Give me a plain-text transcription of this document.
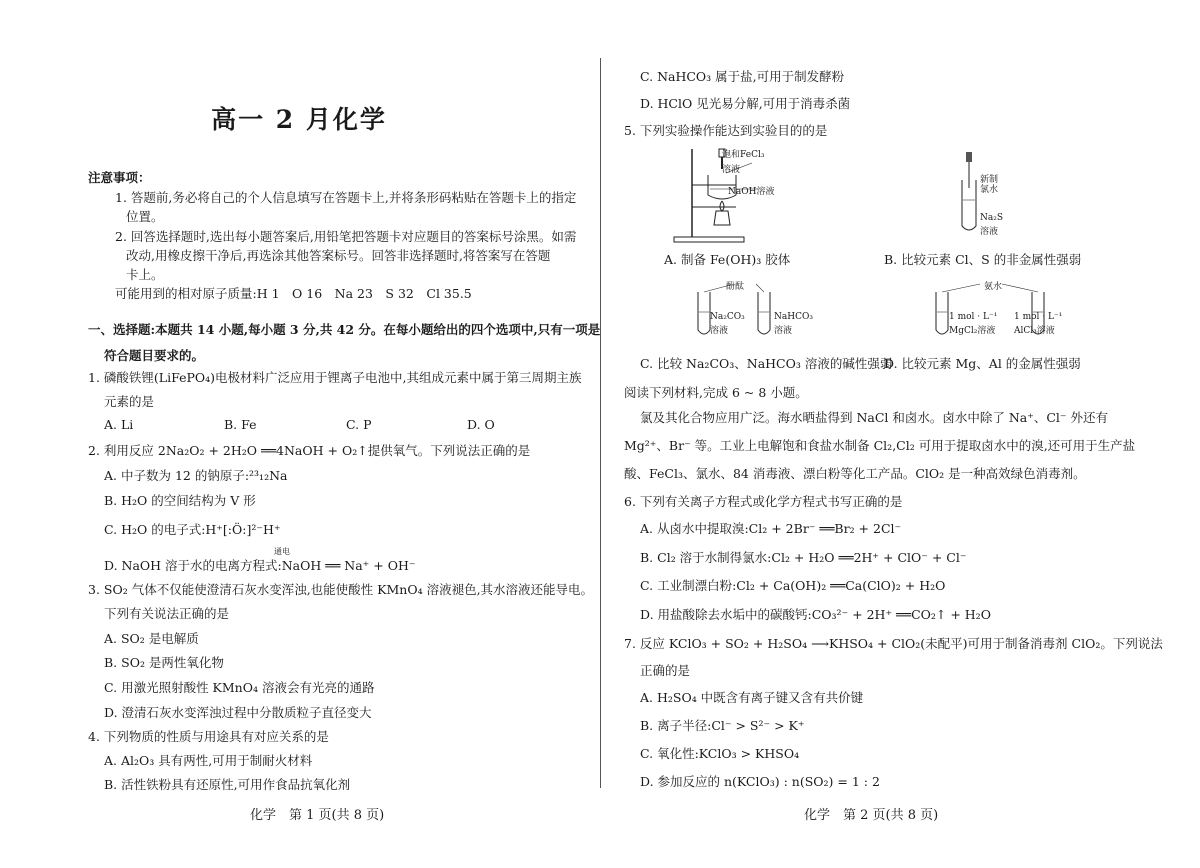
高一 2 月化学
注意事项：
1. 答题前,务必将自己的个人信息填写在答题卡上,并将条形码粘贴在答题卡上的指定
位置。
2. 回答选择题时,选出每小题答案后,用铅笔把答题卡对应题目的答案标号涂黑。如需
改动,用橡皮擦干净后,再选涂其他答案标号。回答非选择题时,将答案写在答题
卡上。
可能用到的相对原子质量:H 1　O 16　Na 23　S 32　Cl 35.5
一、选择题:本题共 14 小题,每小题 3 分,共 42 分。在每小题给出的四个选项中,只有一项是
符合题目要求的。
1. 磷酸铁锂(LiFePO₄)电极材料广泛应用于锂离子电池中,其组成元素中属于第三周期主族
元素的是
A. Li	B. Fe	C. P	D. O
2. 利用反应 2Na₂O₂ + 2H₂O ══4NaOH + O₂↑提供氧气。下列说法正确的是
A. 中子数为 12 的钠原子:²³₁₂Na
B. H₂O 的空间结构为 V 形
C. H₂O 的电子式:H⁺[:Ö:]²⁻H⁺
通电
D. NaOH 溶于水的电离方程式:NaOH ══ Na⁺ + OH⁻
3. SO₂ 气体不仅能使澄清石灰水变浑浊,也能使酸性 KMnO₄ 溶液褪色,其水溶液还能导电。
下列有关说法正确的是
A. SO₂ 是电解质
B. SO₂ 是两性氧化物
C. 用激光照射酸性 KMnO₄ 溶液会有光亮的通路
D. 澄清石灰水变浑浊过程中分散质粒子直径变大
4. 下列物质的性质与用途具有对应关系的是
A. Al₂O₃ 具有两性,可用于制耐火材料
B. 活性铁粉具有还原性,可用作食品抗氧化剂
化学　第 1 页(共 8 页)
C. NaHCO₃ 属于盐,可用于制发酵粉
D. HClO 见光易分解,可用于消毒杀菌
5. 下列实验操作能达到实验目的的是
饱和FeCl₃
溶液
NaOH溶液
新制
氯水
Na₂S
溶液
A. 制备 Fe(OH)₃ 胶体	B. 比较元素 Cl、S 的非金属性强弱
酚酞
Na₂CO₃
溶液
NaHCO₃
溶液
氨水
1 mol · L⁻¹
MgCl₂溶液
1 mol · L⁻¹
AlCl₃溶液
C. 比较 Na₂CO₃、NaHCO₃ 溶液的碱性强弱
D. 比较元素 Mg、Al 的金属性强弱
阅读下列材料,完成 6 ~ 8 小题。
氯及其化合物应用广泛。海水晒盐得到 NaCl 和卤水。卤水中除了 Na⁺、Cl⁻ 外还有
Mg²⁺、Br⁻ 等。工业上电解饱和食盐水制备 Cl₂,Cl₂ 可用于提取卤水中的溴,还可用于生产盐
酸、FeCl₃、氯水、84 消毒液、漂白粉等化工产品。ClO₂ 是一种高效绿色消毒剂。
6. 下列有关离子方程式或化学方程式书写正确的是
A. 从卤水中提取溴:Cl₂ + 2Br⁻ ══Br₂ + 2Cl⁻
B. Cl₂ 溶于水制得氯水:Cl₂ + H₂O ══2H⁺ + ClO⁻ + Cl⁻
C. 工业制漂白粉:Cl₂ + Ca(OH)₂ ══Ca(ClO)₂ + H₂O
D. 用盐酸除去水垢中的碳酸钙:CO₃²⁻ + 2H⁺ ══CO₂↑ + H₂O
7. 反应 KClO₃ + SO₂ + H₂SO₄ ⟶KHSO₄ + ClO₂(未配平)可用于制备消毒剂 ClO₂。下列说法
正确的是
A. H₂SO₄ 中既含有离子键又含有共价键
B. 离子半径:Cl⁻ > S²⁻ > K⁺
C. 氧化性:KClO₃ > KHSO₄
D. 参加反应的 n(KClO₃) : n(SO₂) = 1 : 2
化学　第 2 页(共 8 页)
